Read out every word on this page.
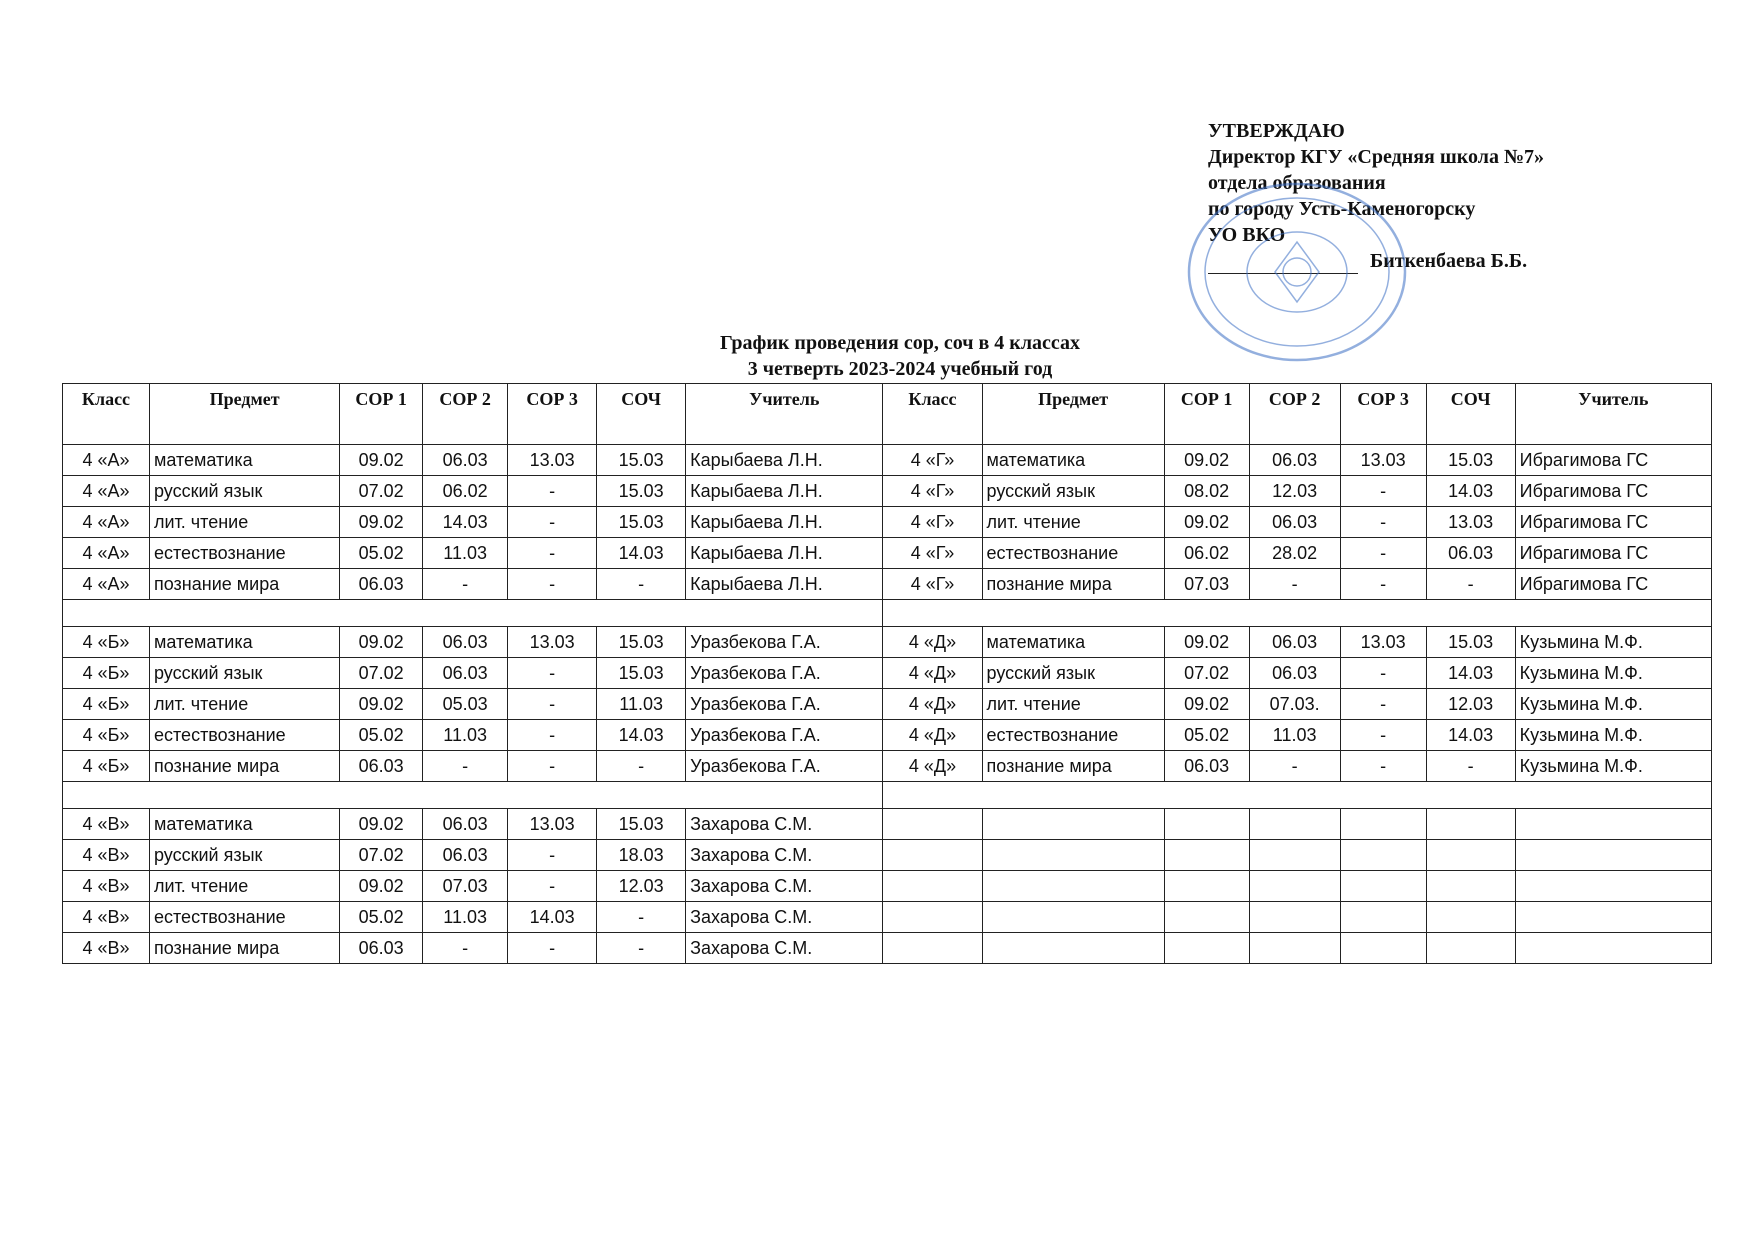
УТВЕРЖДАЮ
Директор КГУ «Средняя школа №7»
отдела образования
по городу Усть-Каменогорску
УО ВКО
Биткенбаева Б.Б.
График проведения сор, соч в 4 классах
3 четверть 2023-2024 учебный год
Класс	Предмет	СОР 1	СОР 2	СОР 3	СОЧ	Учитель	Класс	Предмет	СОР 1	СОР 2	СОР 3	СОЧ	Учитель
4 «А»	математика	09.02	06.03	13.03	15.03	Карыбаева Л.Н.	4 «Г»	математика	09.02	06.03	13.03	15.03	Ибрагимова ГС
4 «А»	русский язык	07.02	06.02	-	15.03	Карыбаева Л.Н.	4 «Г»	русский язык	08.02	12.03	-	14.03	Ибрагимова ГС
4 «А»	лит. чтение	09.02	14.03	-	15.03	Карыбаева Л.Н.	4 «Г»	лит. чтение	09.02	06.03	-	13.03	Ибрагимова ГС
4 «А»	естествознание	05.02	11.03	-	14.03	Карыбаева Л.Н.	4 «Г»	естествознание	06.02	28.02	-	06.03	Ибрагимова ГС
4 «А»	познание мира	06.03	-	-	-	Карыбаева Л.Н.	4 «Г»	познание мира	07.03	-	-	-	Ибрагимова ГС

4 «Б»	математика	09.02	06.03	13.03	15.03	Уразбекова Г.А.	4 «Д»	математика	09.02	06.03	13.03	15.03	Кузьмина М.Ф.
4 «Б»	русский язык	07.02	06.03	-	15.03	Уразбекова Г.А.	4 «Д»	русский язык	07.02	06.03	-	14.03	Кузьмина М.Ф.
4 «Б»	лит. чтение	09.02	05.03	-	11.03	Уразбекова Г.А.	4 «Д»	лит. чтение	09.02	07.03.	-	12.03	Кузьмина М.Ф.
4 «Б»	естествознание	05.02	11.03	-	14.03	Уразбекова Г.А.	4 «Д»	естествознание	05.02	11.03	-	14.03	Кузьмина М.Ф.
4 «Б»	познание мира	06.03	-	-	-	Уразбекова Г.А.	4 «Д»	познание мира	06.03	-	-	-	Кузьмина М.Ф.

4 «В»	математика	09.02	06.03	13.03	15.03	Захарова С.М.							
4 «В»	русский язык	07.02	06.03	-	18.03	Захарова С.М.							
4 «В»	лит. чтение	09.02	07.03	-	12.03	Захарова С.М.							
4 «В»	естествознание	05.02	11.03	14.03	-	Захарова С.М.							
4 «В»	познание мира	06.03	-	-	-	Захарова С.М.							
